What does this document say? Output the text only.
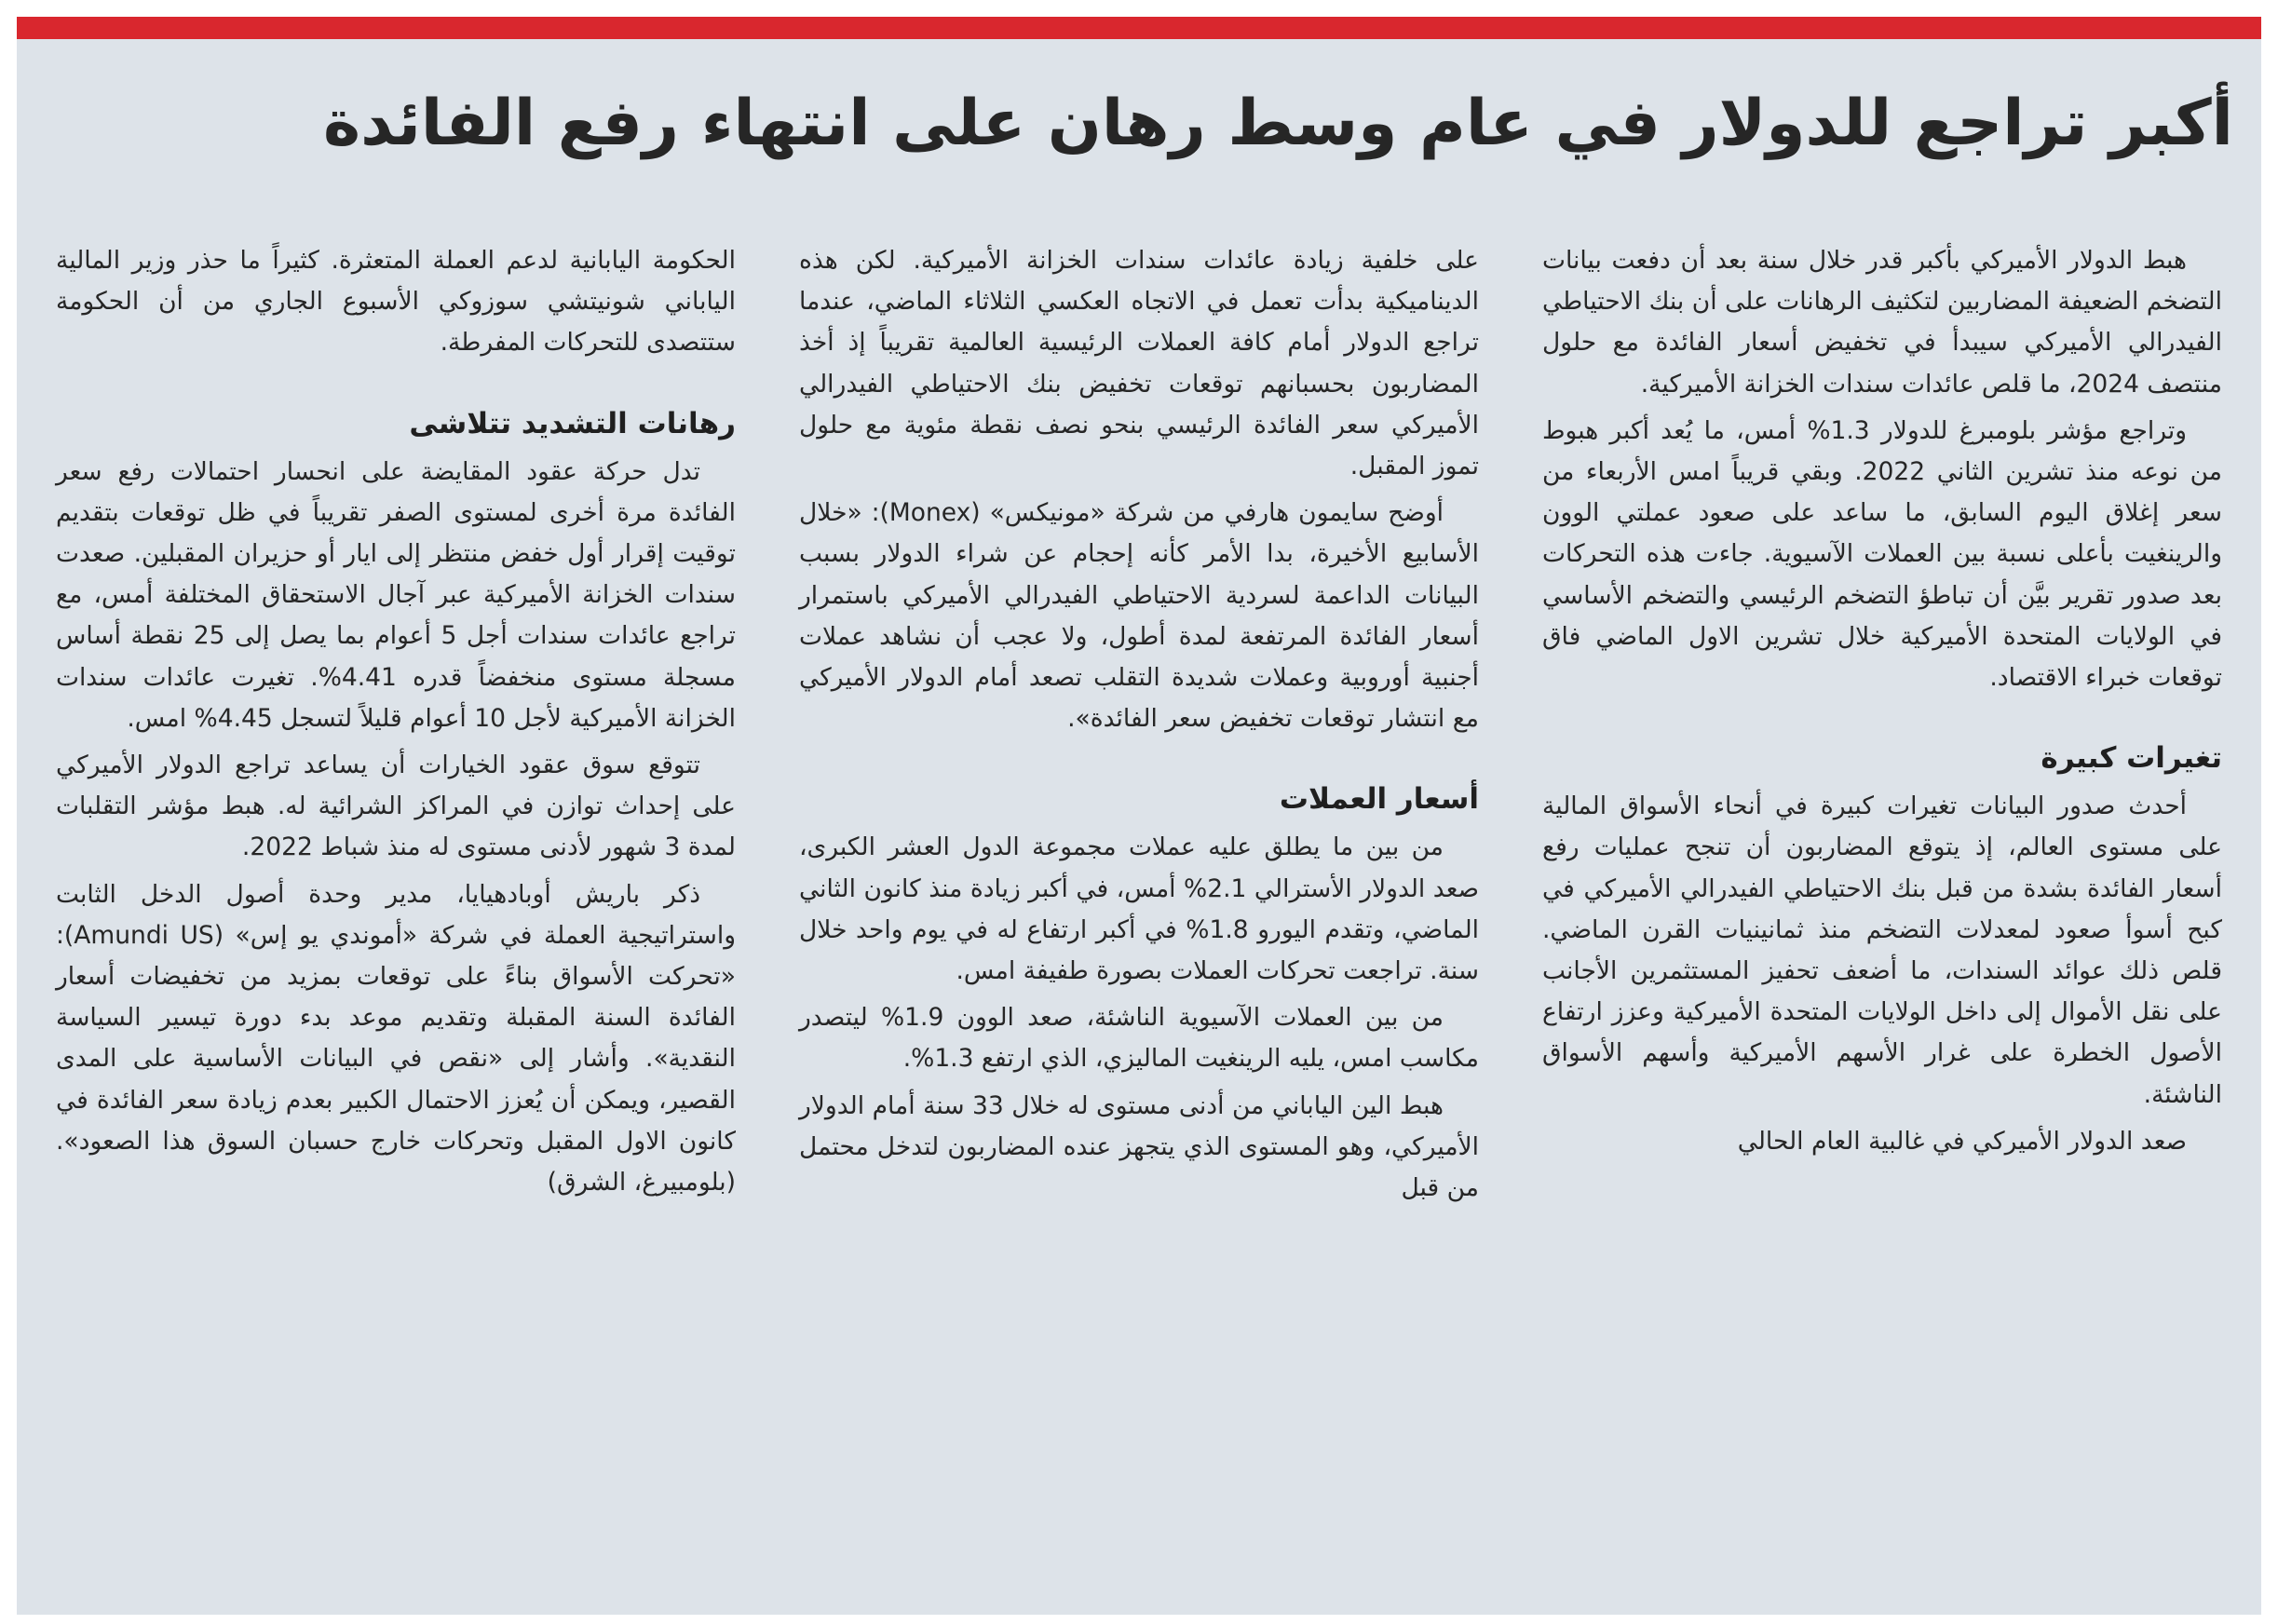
أكبر تراجع للدولار في عام وسط رهان على انتهاء رفع الفائدة

هبط الدولار الأميركي بأكبر قدر خلال سنة بعد أن دفعت بيانات التضخم الضعيفة المضاربين لتكثيف الرهانات على أن بنك الاحتياطي الفيدرالي الأميركي سيبدأ في تخفيض أسعار الفائدة مع حلول منتصف 2024، ما قلص عائدات سندات الخزانة الأميركية.

وتراجع مؤشر بلومبرغ للدولار 1.3% أمس، ما يُعد أكبر هبوط من نوعه منذ تشرين الثاني 2022. وبقي قريباً امس الأربعاء من سعر إغلاق اليوم السابق، ما ساعد على صعود عملتي الوون والرينغيت بأعلى نسبة بين العملات الآسيوية. جاءت هذه التحركات بعد صدور تقرير بيَّن أن تباطؤ التضخم الرئيسي والتضخم الأساسي في الولايات المتحدة الأميركية خلال تشرين الاول الماضي فاق توقعات خبراء الاقتصاد.

تغيرات كبيرة

أحدث صدور البيانات تغيرات كبيرة في أنحاء الأسواق المالية على مستوى العالم، إذ يتوقع المضاربون أن تنجح عمليات رفع أسعار الفائدة بشدة من قبل بنك الاحتياطي الفيدرالي الأميركي في كبح أسوأ صعود لمعدلات التضخم منذ ثمانينيات القرن الماضي. قلص ذلك عوائد السندات، ما أضعف تحفيز المستثمرين الأجانب على نقل الأموال إلى داخل الولايات المتحدة الأميركية وعزز ارتفاع الأصول الخطرة على غرار الأسهم الأميركية وأسهم الأسواق الناشئة.

صعد الدولار الأميركي في غالبية العام الحالي

على خلفية زيادة عائدات سندات الخزانة الأميركية. لكن هذه الديناميكية بدأت تعمل في الاتجاه العكسي الثلاثاء الماضي، عندما تراجع الدولار أمام كافة العملات الرئيسية العالمية تقريباً إذ أخذ المضاربون بحسبانهم توقعات تخفيض بنك الاحتياطي الفيدرالي الأميركي سعر الفائدة الرئيسي بنحو نصف نقطة مئوية مع حلول تموز المقبل.

أوضح سايمون هارفي من شركة «مونيكس» (Monex): «خلال الأسابيع الأخيرة، بدا الأمر كأنه إحجام عن شراء الدولار بسبب البيانات الداعمة لسردية الاحتياطي الفيدرالي الأميركي باستمرار أسعار الفائدة المرتفعة لمدة أطول، ولا عجب أن نشاهد عملات أجنبية أوروبية وعملات شديدة التقلب تصعد أمام الدولار الأميركي مع انتشار توقعات تخفيض سعر الفائدة».

أسعار العملات

من بين ما يطلق عليه عملات مجموعة الدول العشر الكبرى، صعد الدولار الأسترالي 2.1% أمس، في أكبر زيادة منذ كانون الثاني الماضي، وتقدم اليورو 1.8% في أكبر ارتفاع له في يوم واحد خلال سنة. تراجعت تحركات العملات بصورة طفيفة امس.

من بين العملات الآسيوية الناشئة، صعد الوون 1.9% ليتصدر مكاسب امس، يليه الرينغيت الماليزي، الذي ارتفع 1.3%.

هبط الين الياباني من أدنى مستوى له خلال 33 سنة أمام الدولار الأميركي، وهو المستوى الذي يتجهز عنده المضاربون لتدخل محتمل من قبل

الحكومة اليابانية لدعم العملة المتعثرة. كثيراً ما حذر وزير المالية الياباني شونيتشي سوزوكي الأسبوع الجاري من أن الحكومة ستتصدى للتحركات المفرطة.

رهانات التشديد تتلاشى

تدل حركة عقود المقايضة على انحسار احتمالات رفع سعر الفائدة مرة أخرى لمستوى الصفر تقريباً في ظل توقعات بتقديم توقيت إقرار أول خفض منتظر إلى ايار أو حزيران المقبلين. صعدت سندات الخزانة الأميركية عبر آجال الاستحقاق المختلفة أمس، مع تراجع عائدات سندات أجل 5 أعوام بما يصل إلى 25 نقطة أساس مسجلة مستوى منخفضاً قدره 4.41%. تغيرت عائدات سندات الخزانة الأميركية لأجل 10 أعوام قليلاً لتسجل 4.45% امس.

تتوقع سوق عقود الخيارات أن يساعد تراجع الدولار الأميركي على إحداث توازن في المراكز الشرائية له. هبط مؤشر التقلبات لمدة 3 شهور لأدنى مستوى له منذ شباط 2022.

ذكر باريش أوبادهيايا، مدير وحدة أصول الدخل الثابت واستراتيجية العملة في شركة «أموندي يو إس» (Amundi US): «تحركت الأسواق بناءً على توقعات بمزيد من تخفيضات أسعار الفائدة السنة المقبلة وتقديم موعد بدء دورة تيسير السياسة النقدية». وأشار إلى «نقص في البيانات الأساسية على المدى القصير، ويمكن أن يُعزز الاحتمال الكبير بعدم زيادة سعر الفائدة في كانون الاول المقبل وتحركات خارج حسبان السوق هذا الصعود». (بلومبيرغ، الشرق)
